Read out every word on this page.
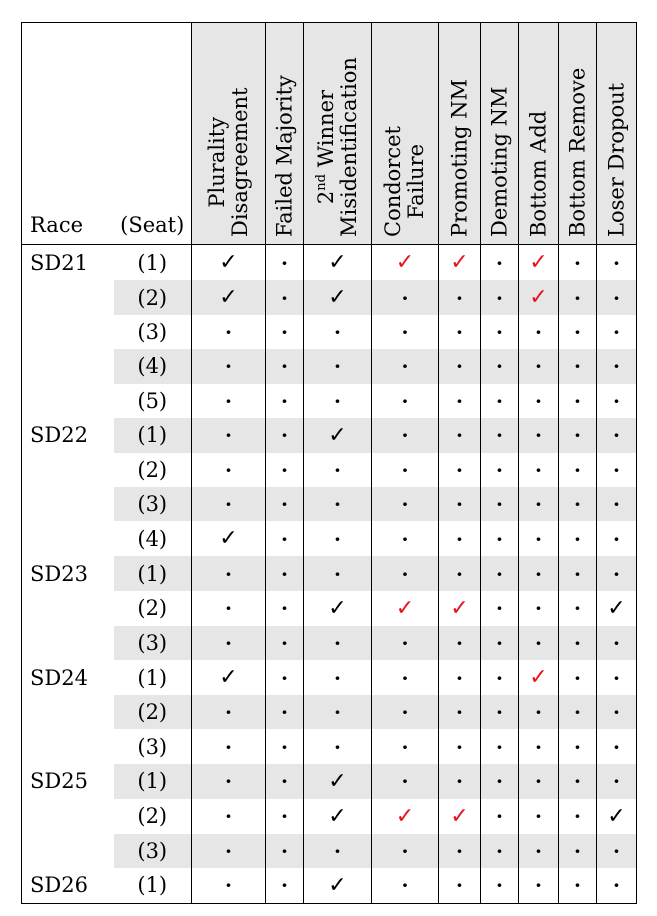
Race	(Seat)	Plurality Disagreement	Failed Majority	2nd Winner Misidentification	Condorcet Failure	Promoting NM	Demoting NM	Bottom Add	Bottom Remove	Loser Dropout

SD21	(1)	✓	·	✓	✓	✓	·	✓	·	·
	(2)	✓	·	✓	·	·	·	✓	·	·
	(3)	·	·	·	·	·	·	·	·	·
	(4)	·	·	·	·	·	·	·	·	·
	(5)	·	·	·	·	·	·	·	·	·
SD22	(1)	·	·	✓	·	·	·	·	·	·
	(2)	·	·	·	·	·	·	·	·	·
	(3)	·	·	·	·	·	·	·	·	·
	(4)	✓	·	·	·	·	·	·	·	·
SD23	(1)	·	·	·	·	·	·	·	·	·
	(2)	·	·	✓	✓	✓	·	·	·	✓
	(3)	·	·	·	·	·	·	·	·	·
SD24	(1)	✓	·	·	·	·	·	✓	·	·
	(2)	·	·	·	·	·	·	·	·	·
	(3)	·	·	·	·	·	·	·	·	·
SD25	(1)	·	·	✓	·	·	·	·	·	·
	(2)	·	·	✓	✓	✓	·	·	·	✓
	(3)	·	·	·	·	·	·	·	·	·
SD26	(1)	·	·	✓	·	·	·	·	·	·
